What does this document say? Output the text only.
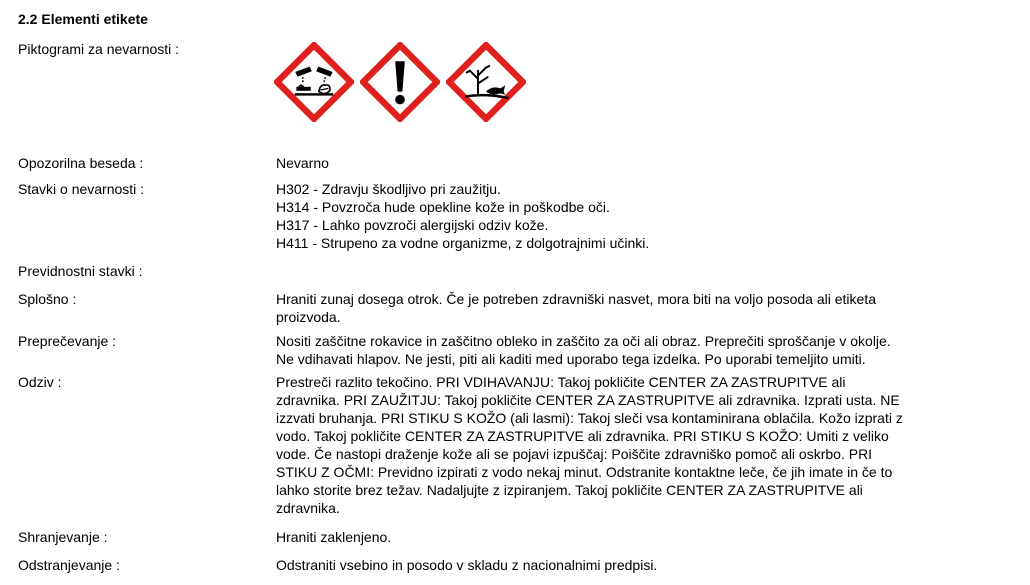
2.2 Elementi etikete
Piktogrami za nevarnosti :
Opozorilna beseda :	Nevarno
Stavki o nevarnosti :	H302 - Zdravju škodljivo pri zaužitju.
H314 - Povzroča hude opekline kože in poškodbe oči.
H317 - Lahko povzroči alergijski odziv kože.
H411 - Strupeno za vodne organizme, z dolgotrajnimi učinki.
Previdnostni stavki :
Splošno :	Hraniti zunaj dosega otrok. Če je potreben zdravniški nasvet, mora biti na voljo posoda ali etiketa
proizvoda.
Preprečevanje :	Nositi zaščitne rokavice in zaščitno obleko in zaščito za oči ali obraz. Preprečiti sproščanje v okolje.
Ne vdihavati hlapov. Ne jesti, piti ali kaditi med uporabo tega izdelka. Po uporabi temeljito umiti.
Odziv :	Prestreči razlito tekočino. PRI VDIHAVANJU: Takoj pokličite CENTER ZA ZASTRUPITVE ali
zdravnika. PRI ZAUŽITJU: Takoj pokličite CENTER ZA ZASTRUPITVE ali zdravnika. Izprati usta. NE
izzvati bruhanja. PRI STIKU S KOŽO (ali lasmi): Takoj sleči vsa kontaminirana oblačila. Kožo izprati z
vodo. Takoj pokličite CENTER ZA ZASTRUPITVE ali zdravnika. PRI STIKU S KOŽO: Umiti z veliko
vode. Če nastopi draženje kože ali se pojavi izpuščaj: Poiščite zdravniško pomoč ali oskrbo. PRI
STIKU Z OČMI: Previdno izpirati z vodo nekaj minut. Odstranite kontaktne leče, če jih imate in če to
lahko storite brez težav. Nadaljujte z izpiranjem. Takoj pokličite CENTER ZA ZASTRUPITVE ali
zdravnika.
Shranjevanje :	Hraniti zaklenjeno.
Odstranjevanje :	Odstraniti vsebino in posodo v skladu z nacionalnimi predpisi.
